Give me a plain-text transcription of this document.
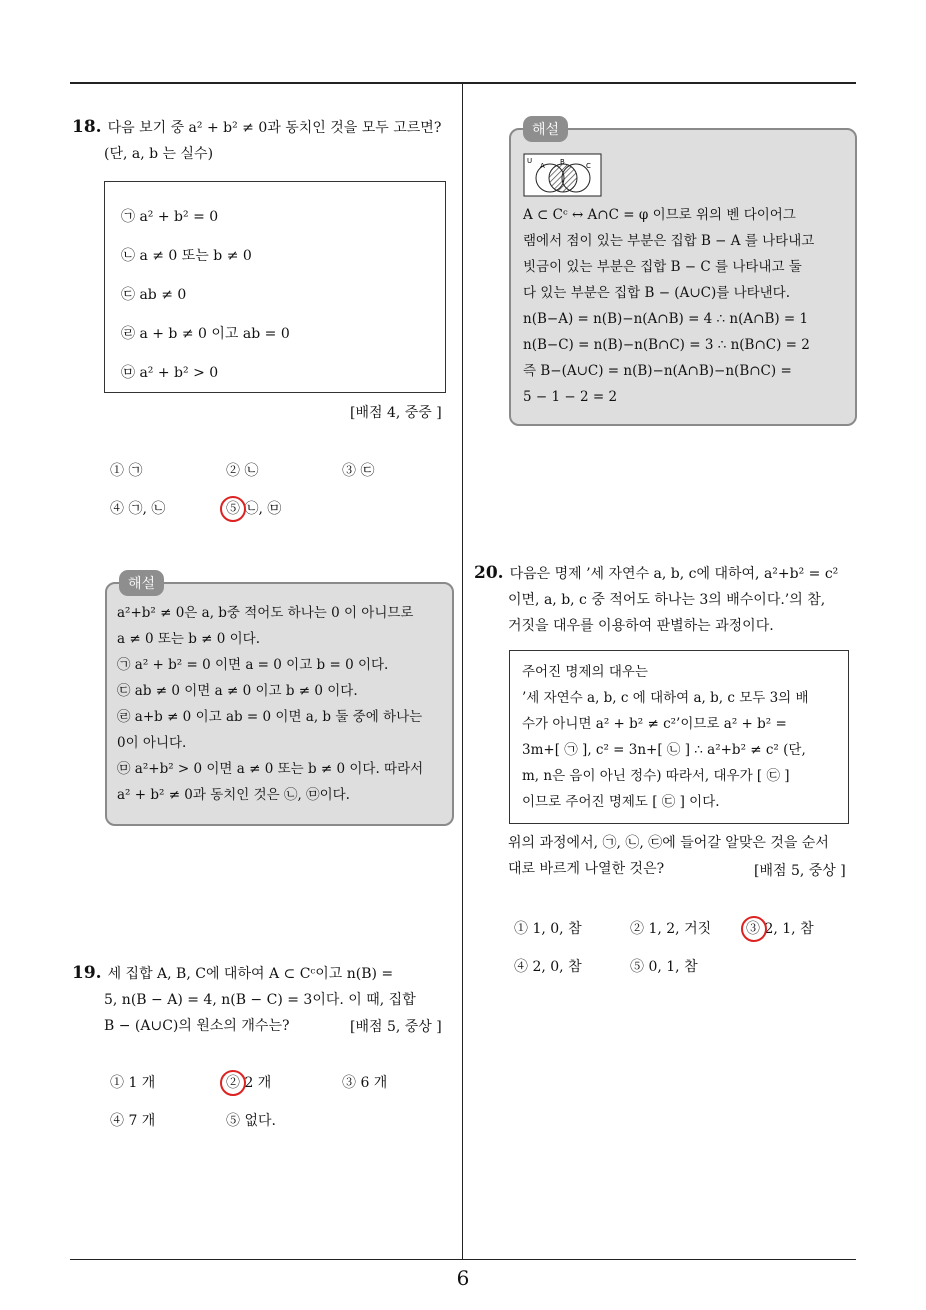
18. 다음 보기 중 a² + b² ≠ 0과 동치인 것을 모두 고르면?

(단, a, b 는 실수)

㉠ a² + b² = 0
㉡ a ≠ 0 또는 b ≠ 0
㉢ ab ≠ 0
㉣ a + b ≠ 0 이고 ab = 0
㉤ a² + b² > 0
[배점 4, 중중 ]
① ㉠	② ㉡	③ ㉢
④ ㉠, ㉡	⑤ ㉡, ㉤
해설

a²+b² ≠ 0은 a, b중 적어도 하나는 0 이 아니므로

a ≠ 0 또는 b ≠ 0 이다.

㉠ a² + b² = 0 이면 a = 0 이고 b = 0 이다.

㉢ ab ≠ 0 이면 a ≠ 0 이고 b ≠ 0 이다.

㉣ a+b ≠ 0 이고 ab = 0 이면 a, b 둘 중에 하나는

0이 아니다.

㉤ a²+b² > 0 이면 a ≠ 0 또는 b ≠ 0 이다. 따라서

a² + b² ≠ 0과 동치인 것은 ㉡, ㉤이다.

19. 세 집합 A, B, C에 대하여 A ⊂ Cᶜ이고 n(B) =

5, n(B − A) = 4, n(B − C) = 3이다. 이 때, 집합

B − (A∪C)의 원소의 개수는?	[배점 5, 중상 ]
① 1 개	② 2 개	③ 6 개
④ 7 개	⑤ 없다.
해설
U
A B	C

A ⊂ Cᶜ ↔ A∩C = φ 이므로 위의 벤 다이어그

램에서 점이 있는 부분은 집합 B − A 를 나타내고

빗금이 있는 부분은 집합 B − C 를 나타내고 둘

다 있는 부분은 집합 B − (A∪C)를 나타낸다.

n(B−A) = n(B)−n(A∩B) = 4 ∴ n(A∩B) = 1

n(B−C) = n(B)−n(B∩C) = 3 ∴ n(B∩C) = 2

즉 B−(A∪C) = n(B)−n(A∩B)−n(B∩C) =

5 − 1 − 2 = 2

20. 다음은 명제 ’세 자연수 a, b, c에 대하여, a²+b² = c²

이면, a, b, c 중 적어도 하나는 3의 배수이다.’의 참,

거짓을 대우를 이용하여 판별하는 과정이다.

주어진 명제의 대우는

’세 자연수 a, b, c 에 대하여 a, b, c 모두 3의 배

수가 아니면 a² + b² ≠ c²’이므로 a² + b² =

3m+[ ㉠ ], c² = 3n+[ ㉡ ] ∴ a²+b² ≠ c² (단,

m, n은 음이 아닌 정수) 따라서, 대우가 [ ㉢ ]

이므로 주어진 명제도 [ ㉢ ] 이다.

위의 과정에서, ㉠, ㉡, ㉢에 들어갈 알맞은 것을 순서

대로 바르게 나열한 것은?	[배점 5, 중상 ]
① 1, 0, 참	② 1, 2, 거짓 ③ 2, 1, 참
④ 2, 0, 참	⑤ 0, 1, 참
6
